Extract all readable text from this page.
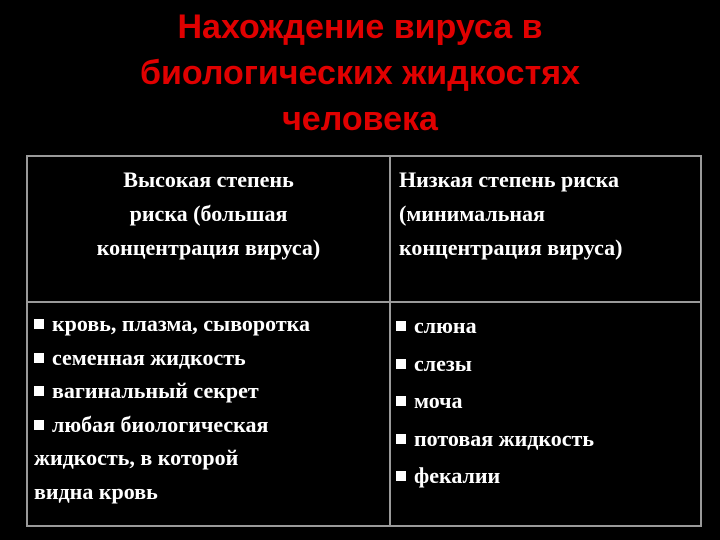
Нахождение вируса в
биологических жидкостях
человека
Высокая степень
риска (большая
концентрация вируса)
Низкая степень риска
(минимальная
концентрация вируса)
кровь, плазма, сыворотка
семенная жидкость
вагинальный секрет
любая биологическая
жидкость, в которой
видна кровь
слюна
слезы
моча
потовая жидкость
фекалии
